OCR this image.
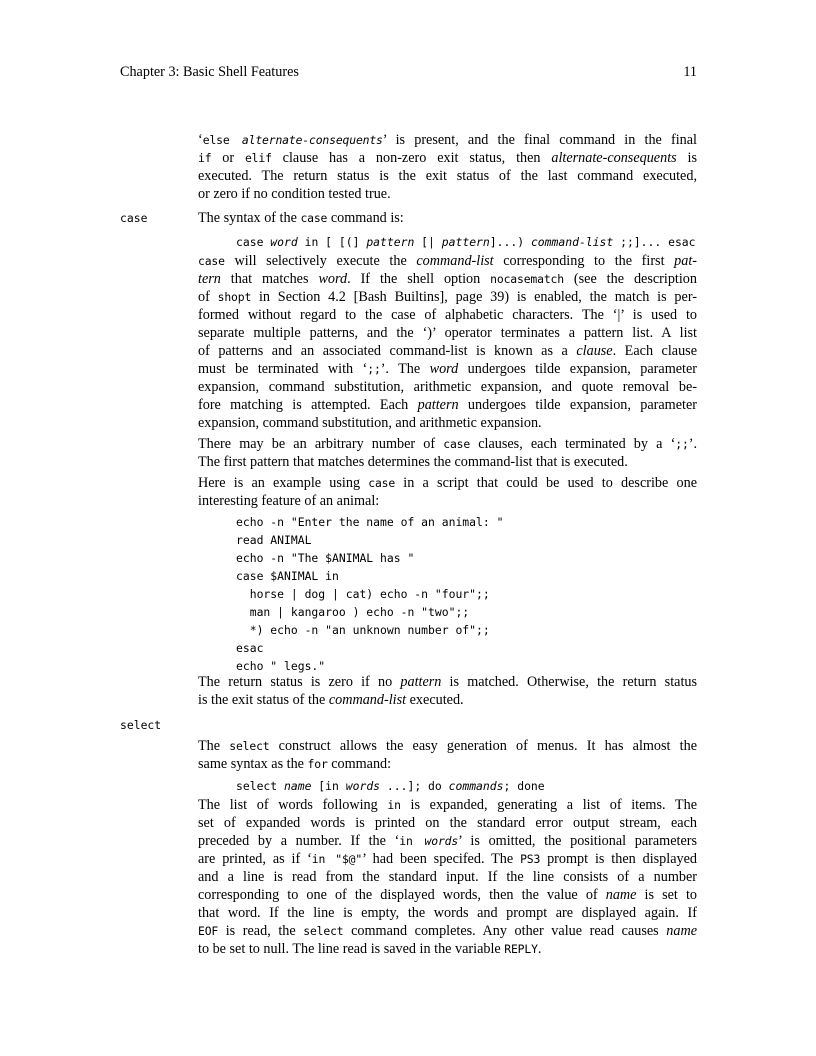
Chapter 3: Basic Shell Features	11
‘else alternate-consequents’ is present, and the final command in the final
if or elif clause has a non-zero exit status, then alternate-consequents is
executed. The return status is the exit status of the last command executed,
or zero if no condition tested true.
case	The syntax of the case command is:
case word in [ [(] pattern [| pattern]...) command-list ;;]... esac
case will selectively execute the command-list corresponding to the first pat-
tern that matches word. If the shell option nocasematch (see the description
of shopt in Section 4.2 [Bash Builtins], page 39) is enabled, the match is per-
formed without regard to the case of alphabetic characters. The ‘|’ is used to
separate multiple patterns, and the ‘)’ operator terminates a pattern list. A list
of patterns and an associated command-list is known as a clause. Each clause
must be terminated with ‘;;’. The word undergoes tilde expansion, parameter
expansion, command substitution, arithmetic expansion, and quote removal be-
fore matching is attempted. Each pattern undergoes tilde expansion, parameter
expansion, command substitution, and arithmetic expansion.
There may be an arbitrary number of case clauses, each terminated by a ‘;;’.
The first pattern that matches determines the command-list that is executed.
Here is an example using case in a script that could be used to describe one
interesting feature of an animal:
echo -n "Enter the name of an animal: "
read ANIMAL
echo -n "The $ANIMAL has "
case $ANIMAL in
horse | dog | cat) echo -n "four";;
man | kangaroo ) echo -n "two";;
*) echo -n "an unknown number of";;
esac
echo " legs."
The return status is zero if no pattern is matched. Otherwise, the return status
is the exit status of the command-list executed.
select
The select construct allows the easy generation of menus. It has almost the
same syntax as the for command:
select name [in words ...]; do commands; done
The list of words following in is expanded, generating a list of items. The
set of expanded words is printed on the standard error output stream, each
preceded by a number. If the ‘in words’ is omitted, the positional parameters
are printed, as if ‘in "$@"’ had been specifed. The PS3 prompt is then displayed
and a line is read from the standard input. If the line consists of a number
corresponding to one of the displayed words, then the value of name is set to
that word. If the line is empty, the words and prompt are displayed again. If
EOF is read, the select command completes. Any other value read causes name
to be set to null. The line read is saved in the variable REPLY.
